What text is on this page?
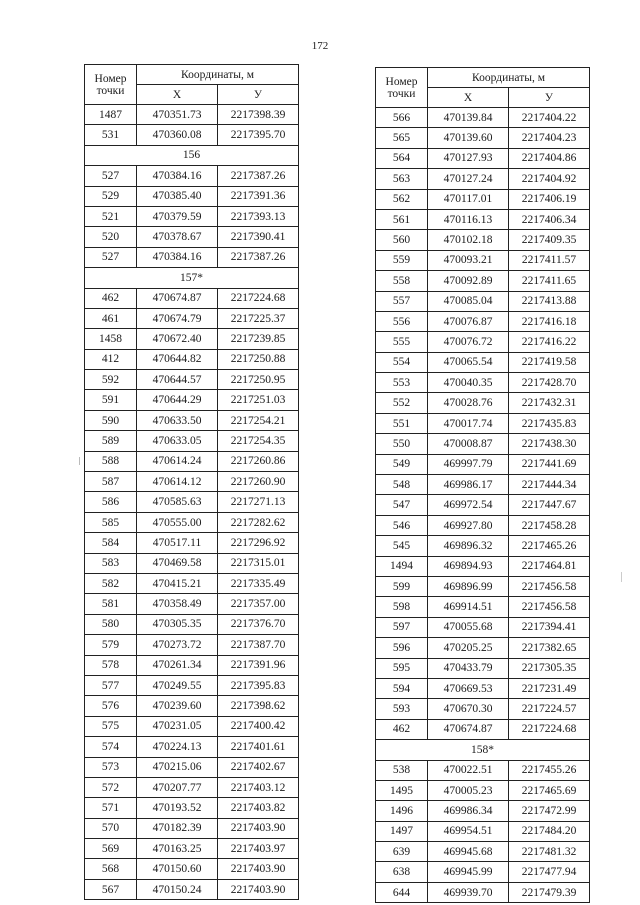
172
Номер
точки	Координаты, м	
	X	У
1487	470351.73	2217398.39
531	470360.08	2217395.70
156		
527	470384.16	2217387.26
529	470385.40	2217391.36
521	470379.59	2217393.13
520	470378.67	2217390.41
527	470384.16	2217387.26
157*		
462	470674.87	2217224.68
461	470674.79	2217225.37
1458	470672.40	2217239.85
412	470644.82	2217250.88
592	470644.57	2217250.95
591	470644.29	2217251.03
590	470633.50	2217254.21
589	470633.05	2217254.35
588	470614.24	2217260.86
587	470614.12	2217260.90
586	470585.63	2217271.13
585	470555.00	2217282.62
584	470517.11	2217296.92
583	470469.58	2217315.01
582	470415.21	2217335.49
581	470358.49	2217357.00
580	470305.35	2217376.70
579	470273.72	2217387.70
578	470261.34	2217391.96
577	470249.55	2217395.83
576	470239.60	2217398.62
575	470231.05	2217400.42
574	470224.13	2217401.61
573	470215.06	2217402.67
572	470207.77	2217403.12
571	470193.52	2217403.82
570	470182.39	2217403.90
569	470163.25	2217403.97
568	470150.60	2217403.90
567	470150.24	2217403.90
Номер
точки	Координаты, м	
	X	У
566	470139.84	2217404.22
565	470139.60	2217404.23
564	470127.93	2217404.86
563	470127.24	2217404.92
562	470117.01	2217406.19
561	470116.13	2217406.34
560	470102.18	2217409.35
559	470093.21	2217411.57
558	470092.89	2217411.65
557	470085.04	2217413.88
556	470076.87	2217416.18
555	470076.72	2217416.22
554	470065.54	2217419.58
553	470040.35	2217428.70
552	470028.76	2217432.31
551	470017.74	2217435.83
550	470008.87	2217438.30
549	469997.79	2217441.69
548	469986.17	2217444.34
547	469972.54	2217447.67
546	469927.80	2217458.28
545	469896.32	2217465.26
1494	469894.93	2217464.81
599	469896.99	2217456.58
598	469914.51	2217456.58
597	470055.68	2217394.41
596	470205.25	2217382.65
595	470433.79	2217305.35
594	470669.53	2217231.49
593	470670.30	2217224.57
462	470674.87	2217224.68
158*		
538	470022.51	2217455.26
1495	470005.23	2217465.69
1496	469986.34	2217472.99
1497	469954.51	2217484.20
639	469945.68	2217481.32
638	469945.99	2217477.94
644	469939.70	2217479.39
